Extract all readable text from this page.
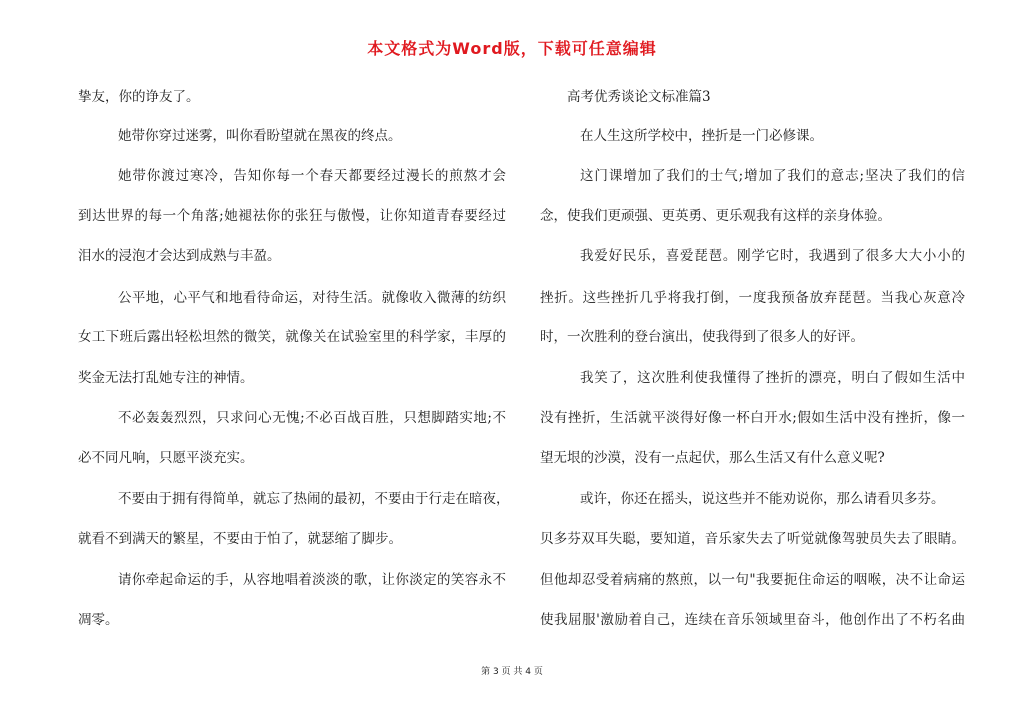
本文格式为Word版，下载可任意编辑
挚友，你的诤友了。
她带你穿过迷雾，叫你看盼望就在黑夜的终点。
她带你渡过寒冷，告知你每一个春天都要经过漫长的煎熬才会
到达世界的每一个角落;她褪祛你的张狂与傲慢，让你知道青春要经过
泪水的浸泡才会达到成熟与丰盈。
公平地，心平气和地看待命运，对待生活。就像收入微薄的纺织
女工下班后露出轻松坦然的微笑，就像关在试验室里的科学家，丰厚的
奖金无法打乱她专注的神情。
不必轰轰烈烈，只求问心无愧;不必百战百胜，只想脚踏实地;不
必不同凡响，只愿平淡充实。
不要由于拥有得简单，就忘了热闹的最初，不要由于行走在暗夜，
就看不到满天的繁星，不要由于怕了，就瑟缩了脚步。
请你牵起命运的手，从容地唱着淡淡的歌，让你淡定的笑容永不
凋零。
高考优秀谈论文标准篇3
在人生这所学校中，挫折是一门必修课。
这门课增加了我们的士气;增加了我们的意志;坚决了我们的信
念，使我们更顽强、更英勇、更乐观我有这样的亲身体验。
我爱好民乐，喜爱琵琶。刚学它时，我遇到了很多大大小小的
挫折。这些挫折几乎将我打倒，一度我预备放弃琵琶。当我心灰意冷
时，一次胜利的登台演出，使我得到了很多人的好评。
我笑了，这次胜利使我懂得了挫折的漂亮，明白了假如生活中
没有挫折，生活就平淡得好像一杯白开水;假如生活中没有挫折，像一
望无垠的沙漠，没有一点起伏，那么生活又有什么意义呢?
或许，你还在摇头，说这些并不能劝说你，那么请看贝多芬。
贝多芬双耳失聪，要知道，音乐家失去了听觉就像驾驶员失去了眼睛。
但他却忍受着病痛的熬煎，以一句"我要扼住命运的咽喉，决不让命运
使我屈服'激励着自己，连续在音乐领域里奋斗，他创作出了不朽名曲
第 3 页 共 4 页
